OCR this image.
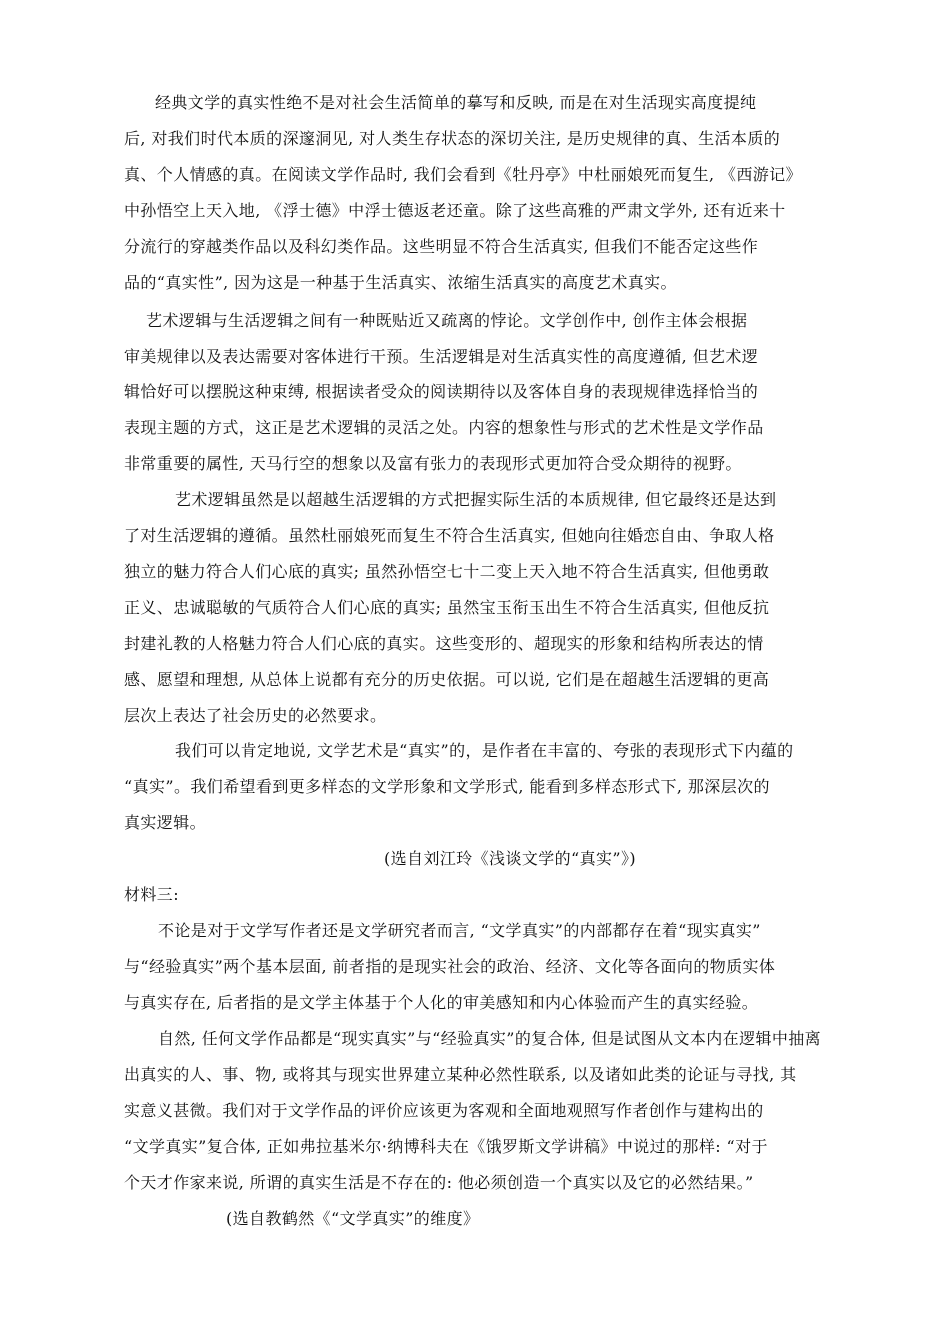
经典文学的真实性绝不是对社会生活简单的摹写和反映, 而是在对生活现实高度提纯
后, 对我们时代本质的深邃洞见, 对人类生存状态的深切关注, 是历史规律的真、生活本质的
真、个人情感的真。在阅读文学作品时, 我们会看到《牡丹亭》中杜丽娘死而复生, 《西游记》
中孙悟空上天入地, 《浮士德》中浮士德返老还童。除了这些高雅的严肃文学外, 还有近来十
分流行的穿越类作品以及科幻类作品。这些明显不符合生活真实, 但我们不能否定这些作
品的“真实性”, 因为这是一种基于生活真实、浓缩生活真实的高度艺术真实。
艺术逻辑与生活逻辑之间有一种既贴近又疏离的悖论。文学创作中, 创作主体会根据
审美规律以及表达需要对客体进行干预。生活逻辑是对生活真实性的高度遵循, 但艺术逻
辑恰好可以摆脱这种束缚, 根据读者受众的阅读期待以及客体自身的表现规律选择恰当的
表现主题的方式，这正是艺术逻辑的灵活之处。内容的想象性与形式的艺术性是文学作品
非常重要的属性, 天马行空的想象以及富有张力的表现形式更加符合受众期待的视野。
艺术逻辑虽然是以超越生活逻辑的方式把握实际生活的本质规律, 但它最终还是达到
了对生活逻辑的遵循。虽然杜丽娘死而复生不符合生活真实, 但她向往婚恋自由、争取人格
独立的魅力符合人们心底的真实; 虽然孙悟空七十二变上天入地不符合生活真实, 但他勇敢
正义、忠诚聪敏的气质符合人们心底的真实; 虽然宝玉衔玉出生不符合生活真实, 但他反抗
封建礼教的人格魅力符合人们心底的真实。这些变形的、超现实的形象和结构所表达的情
感、愿望和理想, 从总体上说都有充分的历史依据。可以说, 它们是在超越生活逻辑的更高
层次上表达了社会历史的必然要求。
我们可以肯定地说, 文学艺术是“真实”的，是作者在丰富的、夸张的表现形式下内蕴的
“真实”。我们希望看到更多样态的文学形象和文学形式, 能看到多样态形式下, 那深层次的
真实逻辑。
(选自刘江玲《浅谈文学的“真实”》)
材料三:
不论是对于文学写作者还是文学研究者而言, “文学真实”的内部都存在着“现实真实”
与“经验真实”两个基本层面, 前者指的是现实社会的政治、经济、文化等各面向的物质实体
与真实存在, 后者指的是文学主体基于个人化的审美感知和内心体验而产生的真实经验。
自然, 任何文学作品都是“现实真实”与“经验真实”的复合体, 但是试图从文本内在逻辑中抽离
出真实的人、事、物, 或将其与现实世界建立某种必然性联系, 以及诸如此类的论证与寻找, 其
实意义甚微。我们对于文学作品的评价应该更为客观和全面地观照写作者创作与建构出的
“文学真实”复合体, 正如弗拉基米尔·纳博科夫在《饿罗斯文学讲稿》中说过的那样: “对于
个天才作家来说, 所谓的真实生活是不存在的: 他必须创造一个真实以及它的必然结果。”
(选自教鹤然《“文学真实”的维度》
